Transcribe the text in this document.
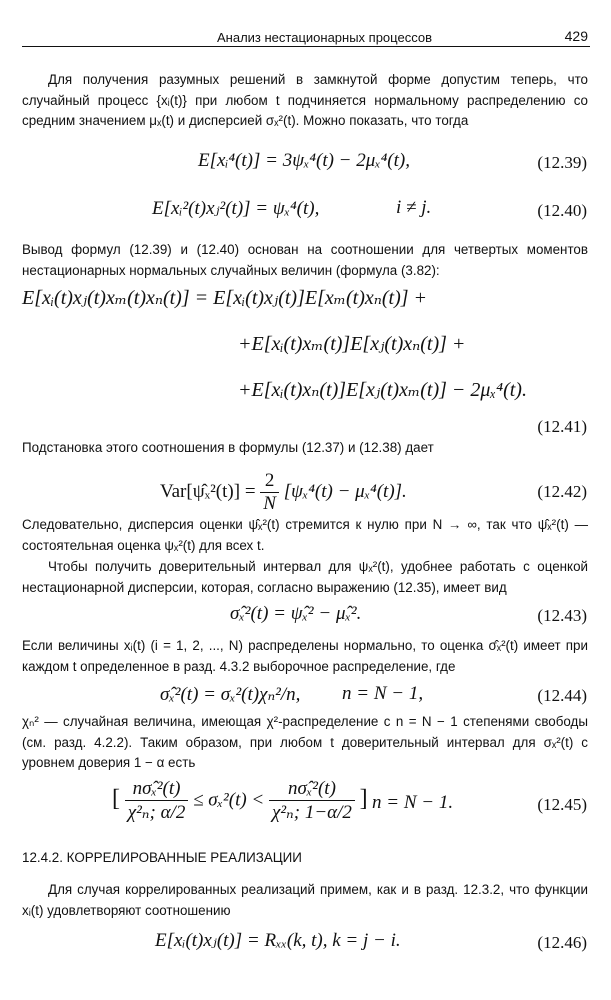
Анализ нестационарных процессов	429
Для получения разумных решений в замкнутой форме допустим теперь, что случайный процесс {xᵢ(t)} при любом t подчиняется нормальному распределению со средним значением μₓ(t) и дисперсией σₓ²(t). Можно показать, что тогда
E[xᵢ⁴(t)] = 3ψₓ⁴(t) − 2μₓ⁴(t),	(12.39)
E[xᵢ²(t)xⱼ²(t)] = ψₓ⁴(t),	i ≠ j.	(12.40)
Вывод формул (12.39) и (12.40) основан на соотношении для четвертых моментов нестационарных нормальных случайных величин (формула (3.82):
E[xᵢ(t)xⱼ(t)xₘ(t)xₙ(t)] = E[xᵢ(t)xⱼ(t)]E[xₘ(t)xₙ(t)] +
+E[xᵢ(t)xₘ(t)]E[xⱼ(t)xₙ(t)] +
+E[xᵢ(t)xₙ(t)]E[xⱼ(t)xₘ(t)] − 2μₓ⁴(t).
(12.41)
Подстановка этого соотношения в формулы (12.37) и (12.38) дает
Var[ψ̂ₓ²(t)] = $\frac{2}{N} [\psi_x^4(t) - \mu_x^4(t)]$.	(12.42)
Следовательно, дисперсия оценки ψ̂ₓ²(t) стремится к нулю при N → ∞, так что ψ̂ₓ²(t) — состоятельная оценка ψₓ²(t) для всех t.
Чтобы получить доверительный интервал для ψₓ²(t), удобнее работать с оценкой нестационарной дисперсии, которая, согласно выражению (12.35), имеет вид
σ̂ₓ²(t) = ψ̂ₓ² − μ̂ₓ².	(12.43)
Если величины xᵢ(t) (i = 1, 2, ..., N) распределены нормально, то оценка σ̂ₓ²(t) имеет при каждом t определенное в разд. 4.3.2 выборочное распределение, где
σ̂ₓ²(t) = σₓ²(t)χₙ²/n, n = N − 1,	(12.44)
χₙ² — случайная величина, имеющая χ²-распределение с n = N − 1 степенями свободы (см. разд. 4.2.2). Таким образом, при любом t доверительный интервал для σₓ²(t) с уровнем доверия 1 − α есть
[ $\frac{\text{nσ̂ₓ²(t)}}{\text{χ²ₙ; α/2}} \le \sigma_x^2(t) < \frac{\text{nσ̂ₓ²(t)}}{\text{χ²ₙ; 1−α/2}}$ ] n = N − 1.	(12.45)
12.4.2. КОРРЕЛИРОВАННЫЕ РЕАЛИЗАЦИИ
Для случая коррелированных реализаций примем, как и в разд. 12.3.2, что функции xᵢ(t) удовлетворяют соотношению
E[xᵢ(t)xⱼ(t)] = Rₓₓ(k, t), k = j − i.	(12.46)
